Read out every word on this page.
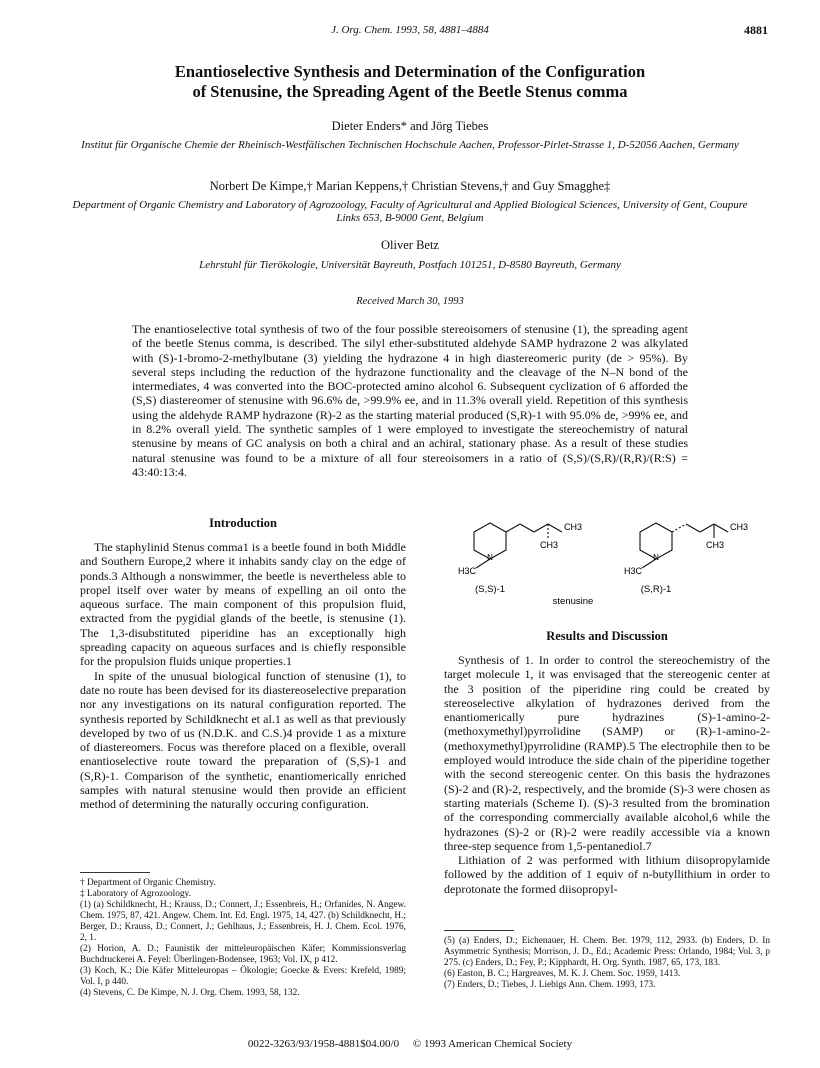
J. Org. Chem. 1993, 58, 4881–4884	4881
Enantioselective Synthesis and Determination of the Configuration
of Stenusine, the Spreading Agent of the Beetle Stenus comma
Dieter Enders* and Jörg Tiebes
Institut für Organische Chemie der Rheinisch-Westfälischen Technischen Hochschule Aachen, Professor-Pirlet-Strasse 1, D-52056 Aachen, Germany
Norbert De Kimpe,† Marian Keppens,† Christian Stevens,† and Guy Smagghe‡
Department of Organic Chemistry and Laboratory of Agrozoology, Faculty of Agricultural and Applied Biological Sciences, University of Gent, Coupure Links 653, B-9000 Gent, Belgium
Oliver Betz
Lehrstuhl für Tierökologie, Universität Bayreuth, Postfach 101251, D-8580 Bayreuth, Germany
Received March 30, 1993
The enantioselective total synthesis of two of the four possible stereoisomers of stenusine (1), the spreading agent of the beetle Stenus comma, is described. The silyl ether-substituted aldehyde SAMP hydrazone 2 was alkylated with (S)-1-bromo-2-methylbutane (3) yielding the hydrazone 4 in high diastereomeric purity (de > 95%). By several steps including the reduction of the hydrazone functionality and the cleavage of the N–N bond of the intermediates, 4 was converted into the BOC-protected amino alcohol 6. Subsequent cyclization of 6 afforded the (S,S) diastereomer of stenusine with 96.6% de, >99.9% ee, and in 11.3% overall yield. Repetition of this synthesis using the aldehyde RAMP hydrazone (R)-2 as the starting material produced (S,R)-1 with 95.0% de, >99% ee, and in 8.2% overall yield. The synthetic samples of 1 were employed to investigate the stereochemistry of natural stenusine by means of GC analysis on both a chiral and an achiral, stationary phase. As a result of these studies natural stenusine was found to be a mixture of all four stereoisomers in a ratio of (S,S)/(S,R)/(R,R)/(R:S) = 43:40:13:4.
Introduction

The staphylinid Stenus comma1 is a beetle found in both Middle and Southern Europe,2 where it inhabits sandy clay on the edge of ponds.3 Although a nonswimmer, the beetle is nevertheless able to propel itself over water by means of expelling an oil onto the aqueous surface. The main component of this propulsion fluid, extracted from the pygidial glands of the beetle, is stenusine (1). The 1,3-disubstituted piperidine has an exceptionally high spreading capacity on aqueous surfaces and is chiefly responsible for the propulsion fluids unique properties.1

In spite of the unusual biological function of stenusine (1), to date no route has been devised for its diastereoselective preparation nor any investigations on its natural configuration reported. The synthesis reported by Schildknecht et al.1 as well as that previously developed by two of us (N.D.K. and C.S.)4 provide 1 as a mixture of diastereomers. Focus was therefore placed on a flexible, overall enantioselective route toward the preparation of (S,S)-1 and (S,R)-1. Comparison of the synthetic, enantiomerically enriched samples with natural stenusine would then provide an efficient method of determining the naturally occuring configuration.

† Department of Organic Chemistry.

‡ Laboratory of Agrozoology.

(1) (a) Schildknecht, H.; Krauss, D.; Connert, J.; Essenbreis, H.; Orfanides, N. Angew. Chem. 1975, 87, 421. Angew. Chem. Int. Ed. Engl. 1975, 14, 427. (b) Schildknecht, H.; Berger, D.; Krauss, D.; Connert, J.; Gehlhaus, J.; Essenbreis, H. J. Chem. Ecol. 1976, 2, 1.

(2) Horion, A. D.; Faunistik der mitteleuropäischen Käfer; Kommissionsverlag Buchdruckerei A. Feyel: Überlingen-Bodensee, 1963; Vol. IX, p 412.

(3) Koch, K.; Die Käfer Mitteleuropas – Ökologie; Goecke & Evers: Krefeld, 1989; Vol. I, p 440.

(4) Stevens, C. De Kimpe, N. J. Org. Chem. 1993, 58, 132.

N
CH3
CH3
H3C
(S,S)-1
N
CH3
CH3
H3C
(S,R)-1
stenusine
Results and Discussion

Synthesis of 1. In order to control the stereochemistry of the target molecule 1, it was envisaged that the stereogenic center at the 3 position of the piperidine ring could be created by stereoselective alkylation of hydrazones derived from the enantiomerically pure hydrazines (S)-1-amino-2-(methoxymethyl)pyrrolidine (SAMP) or (R)-1-amino-2-(methoxymethyl)pyrrolidine (RAMP).5 The electrophile then to be employed would introduce the side chain of the piperidine together with the second stereogenic center. On this basis the hydrazones (S)-2 and (R)-2, respectively, and the bromide (S)-3 were chosen as starting materials (Scheme I). (S)-3 resulted from the bromination of the corresponding commercially available alcohol,6 while the hydrazones (S)-2 or (R)-2 were readily accessible via a known three-step sequence from 1,5-pentanediol.7

Lithiation of 2 was performed with lithium diisopropylamide followed by the addition of 1 equiv of n-butyllithium in order to deprotonate the formed diisopropyl-

(5) (a) Enders, D.; Eichenauer, H. Chem. Ber. 1979, 112, 2933. (b) Enders, D. In Asymmetric Synthesis; Morrison, J. D., Ed.; Academic Press: Orlando, 1984; Vol. 3, p 275. (c) Enders, D.; Fey, P.; Kipphardt, H. Org. Synth. 1987, 65, 173, 183.

(6) Easton, B. C.; Hargreaves, M. K. J. Chem. Soc. 1959, 1413.

(7) Enders, D.; Tiebes, J. Liebigs Ann. Chem. 1993, 173.

0022-3263/93/1958-4881$04.00/0     © 1993 American Chemical Society
